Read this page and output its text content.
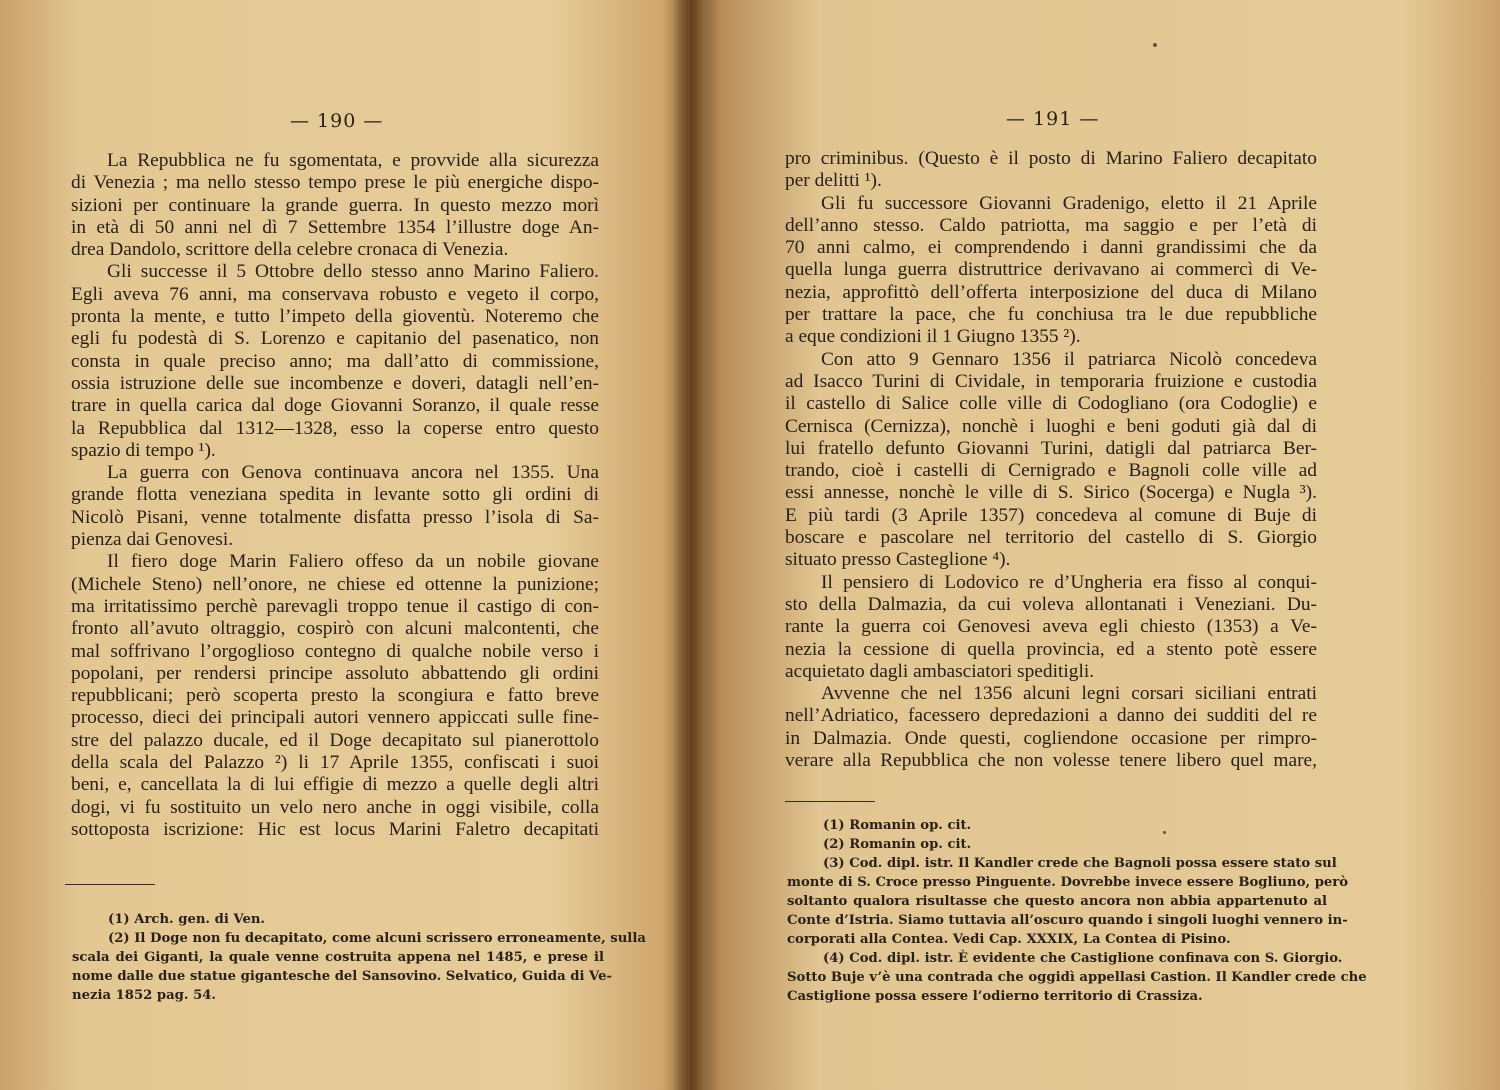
— 190 —
La Repubblica ne fu sgomentata, e provvide alla sicurezza
di Venezia ; ma nello stesso tempo prese le più energiche dispo-
sizioni per continuare la grande guerra. In questo mezzo morì
in età di 50 anni nel dì 7 Settembre 1354 l’illustre doge An-
drea Dandolo, scrittore della celebre cronaca di Venezia.
Gli successe il 5 Ottobre dello stesso anno Marino Faliero.
Egli aveva 76 anni, ma conservava robusto e vegeto il corpo,
pronta la mente, e tutto l’impeto della gioventù. Noteremo che
egli fu podestà di S. Lorenzo e capitanio del pasenatico, non
consta in quale preciso anno; ma dall’atto di commissione,
ossia istruzione delle sue incombenze e doveri, datagli nell’en-
trare in quella carica dal doge Giovanni Soranzo, il quale resse
la Repubblica dal 1312—1328, esso la coperse entro questo
spazio di tempo ¹).
La guerra con Genova continuava ancora nel 1355. Una
grande flotta veneziana spedita in levante sotto gli ordini di
Nicolò Pisani, venne totalmente disfatta presso l’isola di Sa-
pienza dai Genovesi.
Il fiero doge Marin Faliero offeso da un nobile giovane
(Michele Steno) nell’onore, ne chiese ed ottenne la punizione;
ma irritatissimo perchè parevagli troppo tenue il castigo di con-
fronto all’avuto oltraggio, cospirò con alcuni malcontenti, che
mal soffrivano l’orgoglioso contegno di qualche nobile verso i
popolani, per rendersi principe assoluto abbattendo gli ordini
repubblicani; però scoperta presto la scongiura e fatto breve
processo, dieci dei principali autori vennero appiccati sulle fine-
stre del palazzo ducale, ed il Doge decapitato sul pianerottolo
della scala del Palazzo ²) li 17 Aprile 1355, confiscati i suoi
beni, e, cancellata la di lui effigie di mezzo a quelle degli altri
dogi, vi fu sostituito un velo nero anche in oggi visibile, colla
sottoposta iscrizione: Hic est locus Marini Faletro decapitati
(1) Arch. gen. di Ven.
(2) Il Doge non fu decapitato, come alcuni scrissero erroneamente, sulla
scala dei Giganti, la quale venne costruita appena nel 1485, e prese il
nome dalle due statue gigantesche del Sansovino. Selvatico, Guida di Ve-
nezia 1852 pag. 54.
— 191 —
pro criminibus. (Questo è il posto di Marino Faliero decapitato
per delitti ¹).
Gli fu successore Giovanni Gradenigo, eletto il 21 Aprile
dell’anno stesso. Caldo patriotta, ma saggio e per l’età di
70 anni calmo, ei comprendendo i danni grandissimi che da
quella lunga guerra distruttrice derivavano ai commercì di Ve-
nezia, approfittò dell’offerta interposizione del duca di Milano
per trattare la pace, che fu conchiusa tra le due repubbliche
a eque condizioni il 1 Giugno 1355 ²).
Con atto 9 Gennaro 1356 il patriarca Nicolò concedeva
ad Isacco Turini di Cividale, in temporaria fruizione e custodia
il castello di Salice colle ville di Codogliano (ora Codoglie) e
Cernisca (Cernizza), nonchè i luoghi e beni goduti già dal di
lui fratello defunto Giovanni Turini, datigli dal patriarca Ber-
trando, cioè i castelli di Cernigrado e Bagnoli colle ville ad
essi annesse, nonchè le ville di S. Sirico (Socerga) e Nugla ³).
E più tardi (3 Aprile 1357) concedeva al comune di Buje di
boscare e pascolare nel territorio del castello di S. Giorgio
situato presso Casteglione ⁴).
Il pensiero di Lodovico re d’Ungheria era fisso al conqui-
sto della Dalmazia, da cui voleva allontanati i Veneziani. Du-
rante la guerra coi Genovesi aveva egli chiesto (1353) a Ve-
nezia la cessione di quella provincia, ed a stento potè essere
acquietato dagli ambasciatori speditigli.
Avvenne che nel 1356 alcuni legni corsari siciliani entrati
nell’Adriatico, facessero depredazioni a danno dei sudditi del re
in Dalmazia. Onde questi, cogliendone occasione per rimpro-
verare alla Repubblica che non volesse tenere libero quel mare,
(1) Romanin op. cit.
(2) Romanin op. cit.
(3) Cod. dipl. istr. Il Kandler crede che Bagnoli possa essere stato sul
monte di S. Croce presso Pinguente. Dovrebbe invece essere Bogliuno, però
soltanto qualora risultasse che questo ancora non abbia appartenuto al
Conte d’Istria. Siamo tuttavia all’oscuro quando i singoli luoghi vennero in-
corporati alla Contea. Vedi Cap. XXXIX, La Contea di Pisino.
(4) Cod. dipl. istr. È evidente che Castiglione confinava con S. Giorgio.
Sotto Buje v’è una contrada che oggidì appellasi Castion. Il Kandler crede che
Castiglione possa essere l’odierno territorio di Crassiza.
